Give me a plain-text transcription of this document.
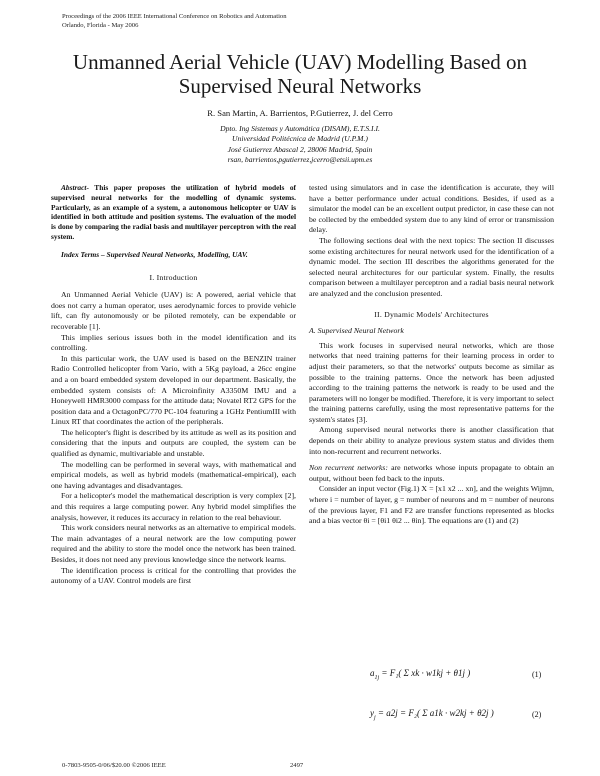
Proceedings of the 2006 IEEE International Conference on Robotics and Automation
Orlando, Florida - May 2006
Unmanned Aerial Vehicle (UAV) Modelling Based on Supervised Neural Networks
R. San Martin, A. Barrientos, P.Gutierrez, J. del Cerro
Dpto. Ing Sistemas y Automática (DISAM), E.T.S.I.I.
Universidad Politécnica de Madrid (U.P.M.)
José Gutierrez Abascal 2, 28006 Madrid, Spain
rsan, barrientos,pgutierrez,jcerro@etsii.upm.es

Abstract- This paper proposes the utilization of hybrid models of supervised neural networks for the modelling of dynamic systems. Particularly, as an example of a system, a autonomous helicopter or UAV is identified in both attitude and position systems. The evaluation of the model is done by comparing the radial basis and multilayer perceptron with the real system.

Index Terms – Supervised Neural Networks, Modelling, UAV.

I. Introduction

An Unmanned Aerial Vehicle (UAV) is: A powered, aerial vehicle that does not carry a human operator, uses aerodynamic forces to provide vehicle lift, can fly autonomously or be piloted remotely, can be expendable or recoverable [1].

This implies serious issues both in the model identification and its controlling.

In this particular work, the UAV used is based on the BENZIN trainer Radio Controlled helicopter from Vario, with a 5Kg payload, a 26cc engine and a on board embedded system developed in our department. Basically, the embedded system consists of: A Microinfinity A3350M IMU and a Honeywell HMR3000 compass for the attitude data; Novatel RT2 GPS for the position data and a OctagonPC/770 PC-104 featuring a 1GHz PentiumIII with Linux RT that coordinates the action of the peripherals.

The helicopter's flight is described by its attitude as well as its position and considering that the inputs and outputs are coupled, the system can be qualified as dynamic, multivariable and unstable.

The modelling can be performed in several ways, with mathematical and empirical models, as well as hybrid models (mathematical-empirical), each one having advantages and disadvantages.

For a helicopter's model the mathematical description is very complex [2], and this requires a large computing power. Any hybrid model simplifies the analysis, however, it reduces its accuracy in relation to the real behaviour.

This work considers neural networks as an alternative to empirical models. The main advantages of a neural network are the low computing power required and the ability to store the model once the network has been trained. Besides, it does not need any previous knowledge since the network learns.

The identification process is critical for the controlling that provides the autonomy of a UAV. Control models are first

tested using simulators and in case the identification is accurate, they will have a better performance under actual conditions. Besides, if used as a simulator the model can be an excellent output predictor, in case these can not be collected by the embedded system due to any kind of error or transmission delay.

The following sections deal with the next topics: The section II discusses some existing architectures for neural network used for the identification of a dynamic model. The section III describes the algorithms generated for the selected neural architectures for our particular system. Finally, the results comparison between a multilayer perceptron and a radial basis neural network are analyzed and the conclusion presented.

II. Dynamic Models' Architectures

A. Supervised Neural Network

This work focuses in supervised neural networks, which are those networks that need training patterns for their learning process in order to adjust their parameters, so that the networks' outputs become as similar as possible to the training patterns. Once the network has been adjusted according to the training patterns the network is ready to be used and the parameters will no longer be modified. Therefore, it is very important to select the training patterns carefully, using the most representative patterns for the system's states [3].

Among supervised neural networks there is another classification that depends on their ability to analyze previous system status and divides them into non-recurrent and recurrent networks.

Non recurrent networks: are networks whose inputs propagate to obtain an output, without been fed back to the inputs.

Consider an input vector (Fig.1) X = [x1 x2 ... xn], and the weights Wijmn, where i = number of layer, g = number of neurons and m = number of neurons of the previous layer, F1 and F2 are transfer functions represented as blocks and a bias vector θi = [θi1 θi2 ... θin]. The equations are (1) and (2)

$a_{1j} = F_1$( Σ xk · w1kj + θ1j )	(1)
$y_j = a2j = F_2$( Σ a1k · w2kj + θ2j )	(2)
0-7803-9505-0/06/$20.00 ©2006 IEEE	2497
